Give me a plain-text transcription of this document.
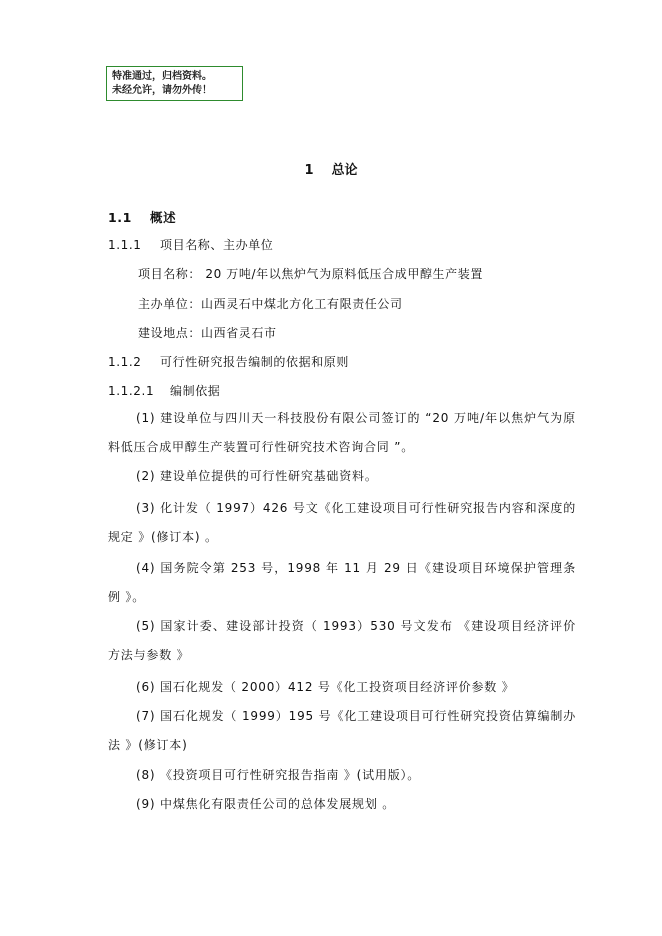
特准通过，归档资料。
未经允许，请勿外传！
1 总论
1.1 概述
1.1.1 项目名称、主办单位
项目名称： 20 万吨/年以焦炉气为原料低压合成甲醇生产装置
主办单位：山西灵石中煤北方化工有限责任公司
建设地点：山西省灵石市
1.1.2 可行性研究报告编制的依据和原则
1.1.2.1 编制依据
(1) 建设单位与四川天一科技股份有限公司签订的 “20 万吨/年以焦炉气为原料低压合成甲醇生产装置可行性研究技术咨询合同 ”。
(2) 建设单位提供的可行性研究基础资料。
(3) 化计发（ 1997）426 号文《化工建设项目可行性研究报告内容和深度的规定 》(修订本) 。
(4) 国务院令第 253 号，1998 年 11 月 29 日《建设项目环境保护管理条例 》。
(5) 国家计委、建设部计投资（ 1993）530 号文发布 《建设项目经济评价方法与参数 》
(6) 国石化规发（ 2000）412 号《化工投资项目经济评价参数 》
(7) 国石化规发（ 1999）195 号《化工建设项目可行性研究投资估算编制办法 》(修订本)
(8) 《投资项目可行性研究报告指南 》(试用版）。
(9) 中煤焦化有限责任公司的总体发展规划 。
